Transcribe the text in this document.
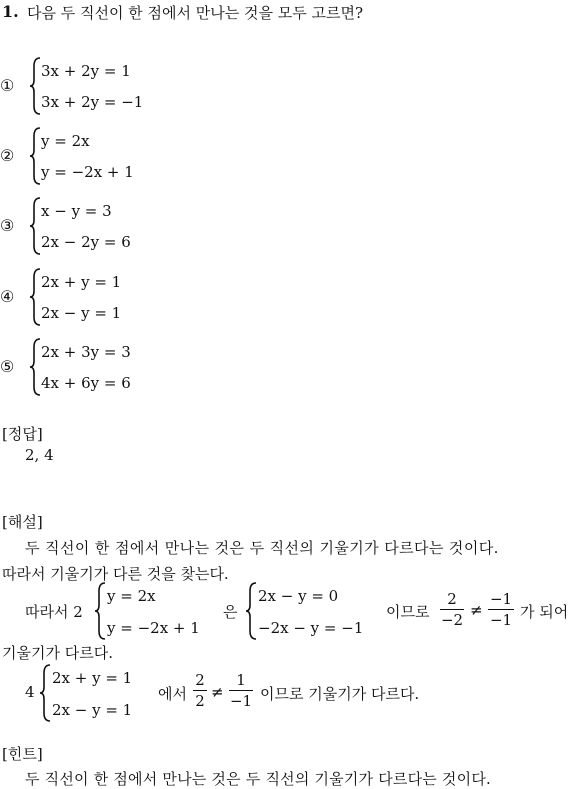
1. 다음 두 직선이 한 점에서 만나는 것을 모두 고르면?
①
3x + 2y = 1
3x + 2y = −1
②
y = 2x
y = −2x + 1
③
x − y = 3
2x − 2y = 6
④
2x + y = 1
2x − y = 1
⑤
2x + 3y = 3
4x + 6y = 6
[정답]
2, 4
[해설]
두 직선이 한 점에서 만나는 것은 두 직선의 기울기가 다르다는 것이다.
따라서 기울기가 다른 것을 찾는다.
따라서 2
y = 2x
y = −2x + 1
은
2x − y = 0
−2x − y = −1
이므로
2
−2
≠
−1
−1 가 되어
기울기가 다르다.
4
2x + y = 1
2x − y = 1
에서
2
2 ≠
1
−1 이므로 기울기가 다르다.
[힌트]
두 직선이 한 점에서 만나는 것은 두 직선의 기울기가 다르다는 것이다.
